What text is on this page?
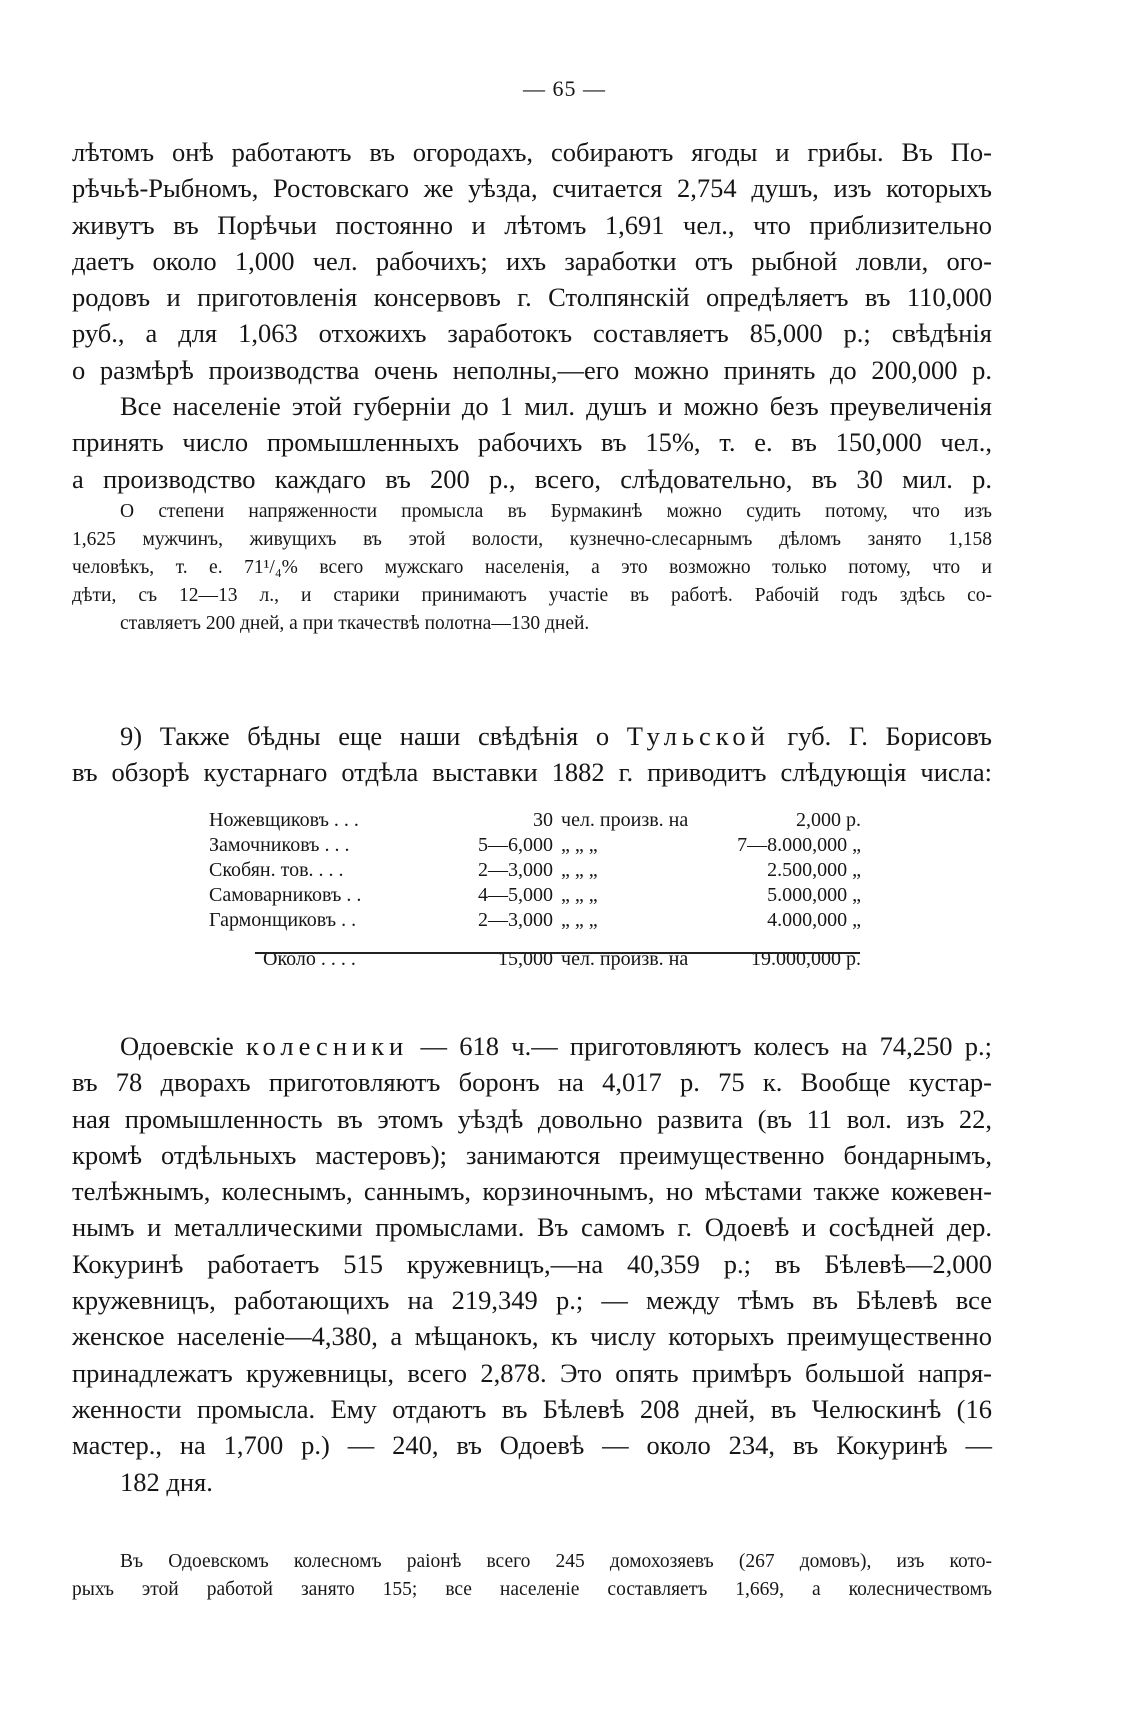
— 65 —

лѣтомъ онѣ работаютъ въ огородахъ, собираютъ ягоды и грибы. Въ По-
рѣчьѣ-Рыбномъ, Ростовскаго же уѣзда, считается 2,754 душъ, изъ которыхъ
живутъ въ Порѣчьи постоянно и лѣтомъ 1,691 чел., что приблизительно
даетъ около 1,000 чел. рабочихъ; ихъ заработки отъ рыбной ловли, ого-
родовъ и приготовленія консервовъ г. Столпянскій опредѣляетъ въ 110,000
руб., а для 1,063 отхожихъ заработокъ составляетъ 85,000 р.; свѣдѣнія
о размѣрѣ производства очень неполны,—его можно принять до 200,000 р.

Все населеніе этой губерніи до 1 мил. душъ и можно безъ преувеличенія
принять число промышленныхъ рабочихъ въ 15%, т. е. въ 150,000 чел.,
а производство каждаго въ 200 р., всего, слѣдовательно, въ 30 мил. р.

О степени напряженности промысла въ Бурмакинѣ можно судить потому, что изъ
1,625 мужчинъ, живущихъ въ этой волости, кузнечно-слесарнымъ дѣломъ занято 1,158
человѣкъ, т. е. 71¹/₄% всего мужскаго населенія, а это возможно только потому, что и
дѣти, съ 12—13 л., и старики принимаютъ участіе въ работѣ. Рабочій годъ здѣсь со-

ставляетъ 200 дней, а при ткачествѣ полотна—130 дней.

9) Также бѣдны еще наши свѣдѣнія о Тульской губ. Г. Борисовъ
въ обзорѣ кустарнаго отдѣла выставки 1882 г. приводитъ слѣдующія числа:

Ножевщиковъ . . .	30	чел. произв. на	2,000 р.
Замочниковъ . . .	5—6,000	„ „ „	7—8.000,000 „
Скобян. тов. . . .	2—3,000	„ „ „	2.500,000 „
Самоварниковъ . .	4—5,000	„ „ „	5.000,000 „
Гармонщиковъ . .	2—3,000	„ „ „	4.000,000 „
Около . . . .	15,000	чел. произв. на	19.000,000 р.

Одоевскіе колесники — 618 ч.— приготовляютъ колесъ на 74,250 р.;
въ 78 дворахъ приготовляютъ боронъ на 4,017 р. 75 к. Вообще кустар-
ная промышленность въ этомъ уѣздѣ довольно развита (въ 11 вол. изъ 22,
кромѣ отдѣльныхъ мастеровъ); занимаются преимущественно бондарнымъ,
телѣжнымъ, колеснымъ, саннымъ, корзиночнымъ, но мѣстами также кожевен-
нымъ и металлическими промыслами. Въ самомъ г. Одоевѣ и сосѣдней дер.
Кокуринѣ работаетъ 515 кружевницъ,—на 40,359 р.; въ Бѣлевѣ—2,000
кружевницъ, работающихъ на 219,349 р.; — между тѣмъ въ Бѣлевѣ все
женское населеніе—4,380, а мѣщанокъ, къ числу которыхъ преимущественно
принадлежатъ кружевницы, всего 2,878. Это опять примѣръ большой напря-
женности промысла. Ему отдаютъ въ Бѣлевѣ 208 дней, въ Челюскинѣ (16
мастер., на 1,700 р.) — 240, въ Одоевѣ — около 234, въ Кокуринѣ —

182 дня.

Въ Одоевскомъ колесномъ раіонѣ всего 245 домохозяевъ (267 домовъ), изъ кото-
рыхъ этой работой занято 155; все населеніе составляетъ 1,669, а колесничествомъ
